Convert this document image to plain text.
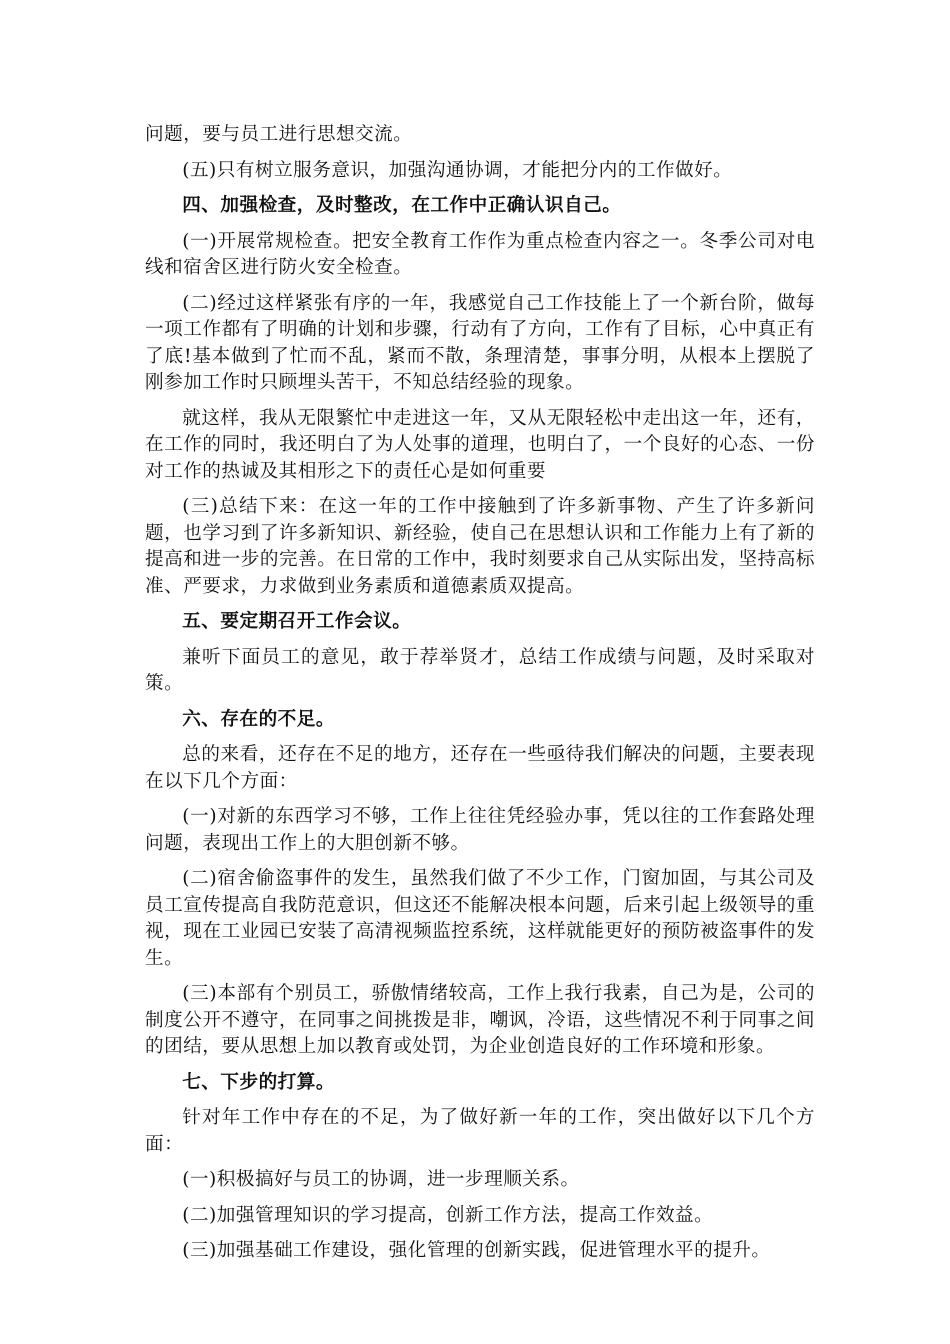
问题，要与员工进行思想交流。

(五)只有树立服务意识，加强沟通协调，才能把分内的工作做好。

四、加强检查，及时整改，在工作中正确认识自己。

(一)开展常规检查。把安全教育工作作为重点检查内容之一。冬季公司对电线和宿舍区进行防火安全检查。

(二)经过这样紧张有序的一年，我感觉自己工作技能上了一个新台阶，做每一项工作都有了明确的计划和步骤，行动有了方向，工作有了目标，心中真正有了底!基本做到了忙而不乱，紧而不散，条理清楚，事事分明，从根本上摆脱了刚参加工作时只顾埋头苦干，不知总结经验的现象。

就这样，我从无限繁忙中走进这一年，又从无限轻松中走出这一年，还有，在工作的同时，我还明白了为人处事的道理，也明白了，一个良好的心态、一份对工作的热诚及其相形之下的责任心是如何重要

(三)总结下来：在这一年的工作中接触到了许多新事物、产生了许多新问题，也学习到了许多新知识、新经验，使自己在思想认识和工作能力上有了新的提高和进一步的完善。在日常的工作中，我时刻要求自己从实际出发，坚持高标准、严要求，力求做到业务素质和道德素质双提高。

五、要定期召开工作会议。

兼听下面员工的意见，敢于荐举贤才，总结工作成绩与问题，及时采取对策。

六、存在的不足。

总的来看，还存在不足的地方，还存在一些亟待我们解决的问题，主要表现在以下几个方面：

(一)对新的东西学习不够，工作上往往凭经验办事，凭以往的工作套路处理问题，表现出工作上的大胆创新不够。

(二)宿舍偷盗事件的发生，虽然我们做了不少工作，门窗加固，与其公司及员工宣传提高自我防范意识，但这还不能解决根本问题，后来引起上级领导的重视，现在工业园已安装了高清视频监控系统，这样就能更好的预防被盗事件的发生。

(三)本部有个别员工，骄傲情绪较高，工作上我行我素，自己为是，公司的制度公开不遵守，在同事之间挑拨是非，嘲讽，冷语，这些情况不利于同事之间的团结，要从思想上加以教育或处罚，为企业创造良好的工作环境和形象。

七、下步的打算。

针对年工作中存在的不足，为了做好新一年的工作，突出做好以下几个方面：

(一)积极搞好与员工的协调，进一步理顺关系。

(二)加强管理知识的学习提高，创新工作方法，提高工作效益。

(三)加强基础工作建设，强化管理的创新实践，促进管理水平的提升。
